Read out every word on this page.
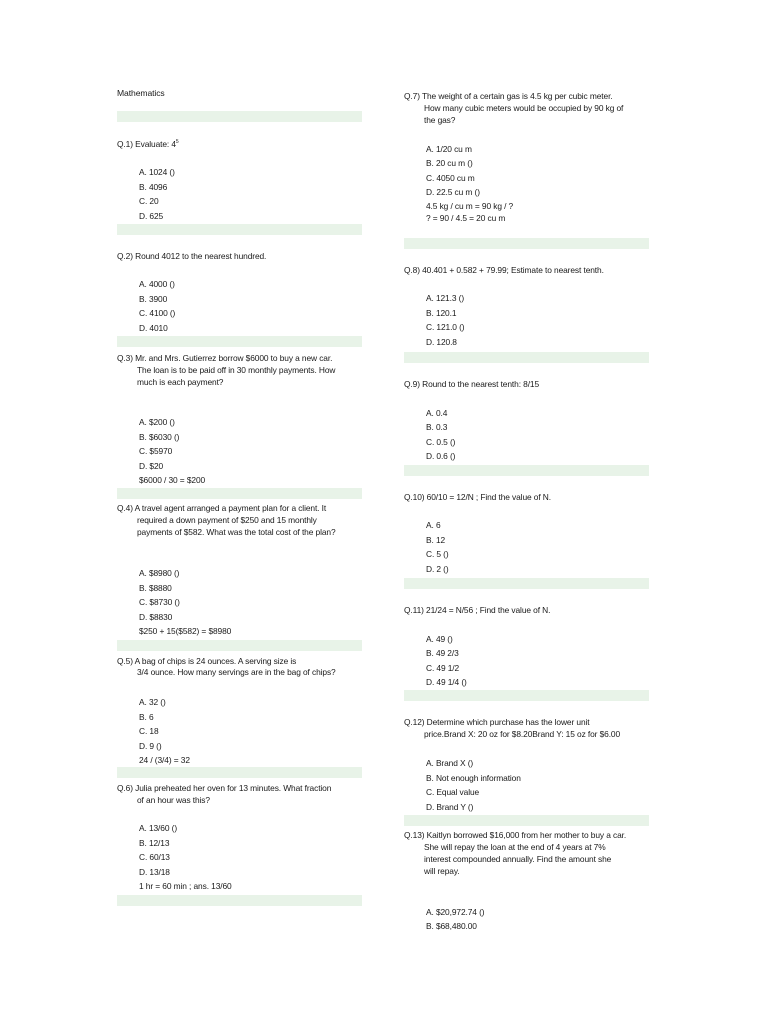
Mathematics
Q.1) Evaluate: $4^5$
A. 1024 ()
B. 4096
C. 20
D. 625
Q.2) Round 4012 to the nearest hundred.
A. 4000 ()
B. 3900
C. 4100 ()
D. 4010
Q.3) Mr. and Mrs. Gutierrez borrow $6000 to buy a new car.
The loan is to be paid off in 30 monthly payments. How
much is each payment?
A. $200 ()
B. $6030 ()
C. $5970
D. $20
$6000 / 30 = $200
Q.4) A travel agent arranged a payment plan for a client. It
required a down payment of $250 and 15 monthly
payments of $582. What was the total cost of the plan?
A. $8980 ()
B. $8880
C. $8730 ()
D. $8830
$250 + 15($582) = $8980
Q.5) A bag of chips is 24 ounces. A serving size is
3/4 ounce. How many servings are in the bag of chips?
A. 32 ()
B. 6
C. 18
D. 9 ()
24 / (3/4) = 32
Q.6) Julia preheated her oven for 13 minutes. What fraction
of an hour was this?
A. 13/60 ()
B. 12/13
C. 60/13
D. 13/18
1 hr = 60 min ; ans. 13/60
Q.7) The weight of a certain gas is 4.5 kg per cubic meter.
How many cubic meters would be occupied by 90 kg of
the gas?
A. 1/20 cu m
B. 20 cu m ()
C. 4050 cu m
D. 22.5 cu m ()
4.5 kg / cu m = 90 kg / ?
? = 90 / 4.5 = 20 cu m
Q.8) 40.401 + 0.582 + 79.99; Estimate to nearest tenth.
A. 121.3 ()
B. 120.1
C. 121.0 ()
D. 120.8
Q.9) Round to the nearest tenth: 8/15
A. 0.4
B. 0.3
C. 0.5 ()
D. 0.6 ()
Q.10) 60/10 = 12/N ; Find the value of N.
A. 6
B. 12
C. 5 ()
D. 2 ()
Q.11) 21/24 = N/56 ; Find the value of N.
A. 49 ()
B. 49 2/3
C. 49 1/2
D. 49 1/4 ()
Q.12) Determine which purchase has the lower unit
price.Brand X: 20 oz for $8.20Brand Y: 15 oz for $6.00
A. Brand X ()
B. Not enough information
C. Equal value
D. Brand Y ()
Q.13) Kaitlyn borrowed $16,000 from her mother to buy a car.
She will repay the loan at the end of 4 years at 7%
interest compounded annually. Find the amount she
will repay.
A. $20,972.74 ()
B. $68,480.00
